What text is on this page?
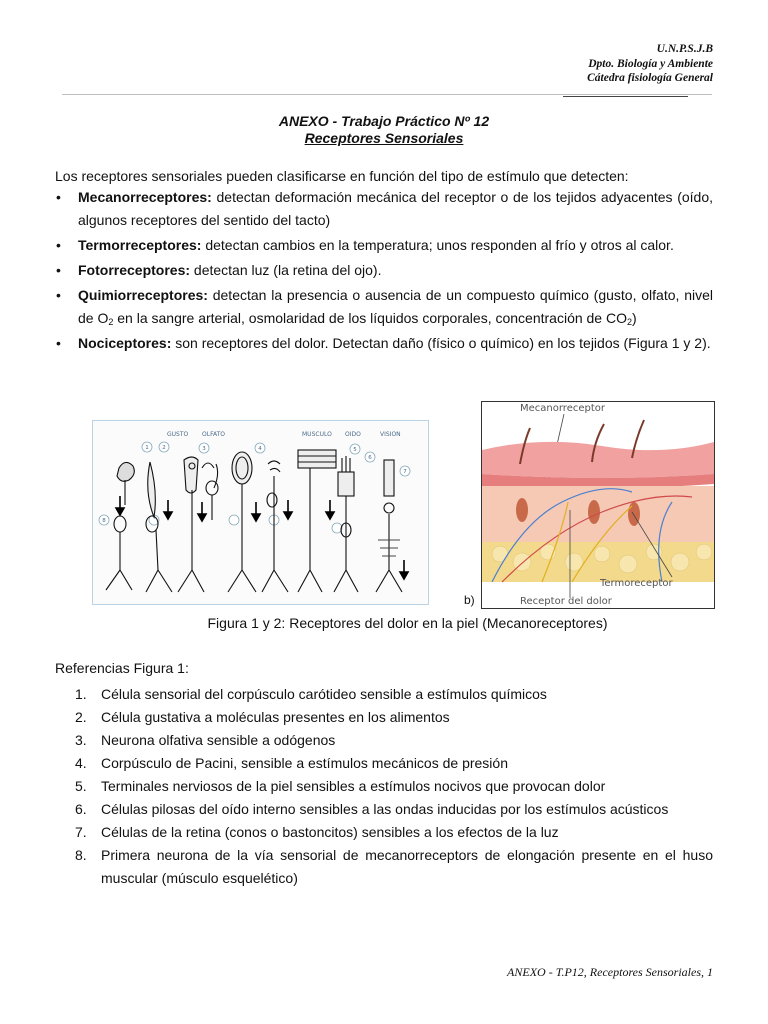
U.N.P.S.J.B
Dpto. Biología y Ambiente
Cátedra fisiología General
ANEXO - Trabajo Práctico Nº 12
Receptores Sensoriales
Los receptores sensoriales pueden clasificarse en función del tipo de estímulo que detecten:
• Mecanorreceptores: detectan deformación mecánica del receptor o de los tejidos adyacentes (oído, algunos receptores del sentido del tacto)
• Termorreceptores: detectan cambios en la temperatura; unos responden al frío y otros al calor.
• Fotorreceptores: detectan luz (la retina del ojo).
• Quimiorreceptores: detectan la presencia o ausencia de un compuesto químico (gusto, olfato, nivel de $O_2$ en la sangre arterial, osmolaridad de los líquidos corporales, concentración de $CO_2$)
• Nociceptores: son receptores del dolor. Detectan daño (físico o químico) en los tejidos (Figura 1 y 2).
GUSTO OLFATO	MUSCULO OIDO	VISION
1 2	3	4	5
6
7
8
Mecanorreceptor
Termoreceptor
Receptor del dolor
b)
Figura 1 y 2: Receptores del dolor en la piel (Mecanoreceptores)
Referencias Figura 1:
1. Célula sensorial del corpúsculo carótideo sensible a estímulos químicos
2. Célula gustativa a moléculas presentes en los alimentos
3. Neurona olfativa sensible a odógenos
4. Corpúsculo de Pacini, sensible a estímulos mecánicos de presión
5. Terminales nerviosos de la piel sensibles a estímulos nocivos que provocan dolor
6. Células pilosas del oído interno sensibles a las ondas inducidas por los estímulos acústicos
7. Células de la retina (conos o bastoncitos) sensibles a los efectos de la luz
8. Primera neurona de la vía sensorial de mecanorreceptors de elongación presente en el huso muscular (músculo esquelético)
ANEXO - T.P12, Receptores Sensoriales, 1
